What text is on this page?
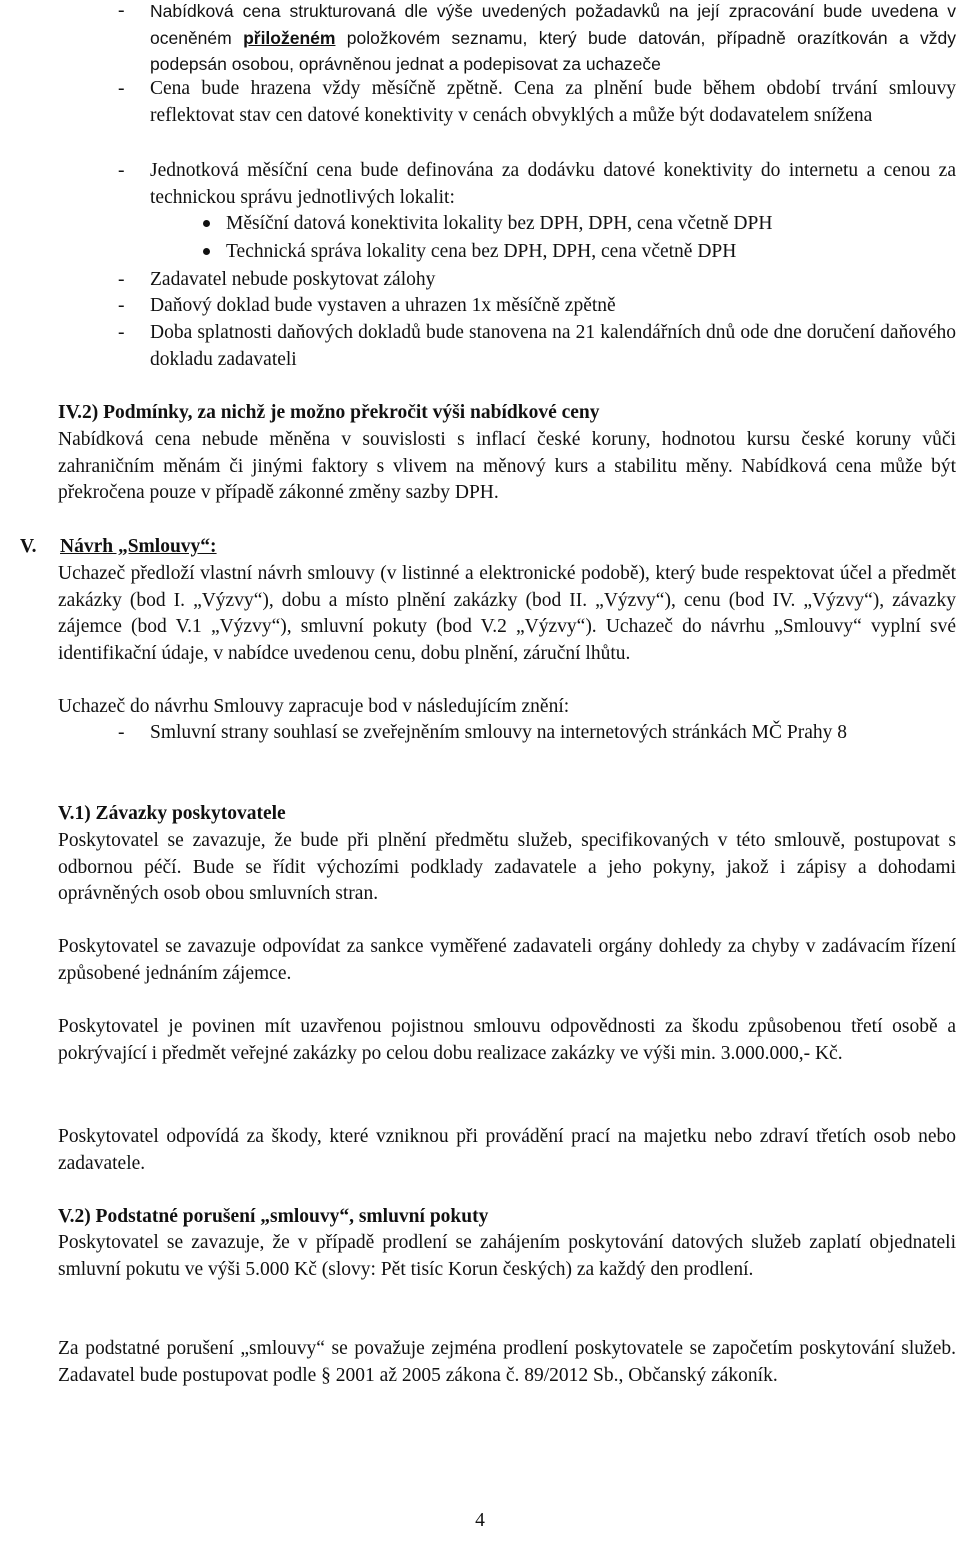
- Nabídková cena strukturovaná dle výše uvedených požadavků na její zpracování bude uvedena v oceněném přiloženém položkovém seznamu, který bude datován, případně orazítkován a vždy podepsán osobou, oprávněnou jednat a podepisovat za uchazeče
- Cena bude hrazena vždy měsíčně zpětně. Cena za plnění bude během období trvání smlouvy reflektovat stav cen datové konektivity v cenách obvyklých a může být dodavatelem snížena
- Jednotková měsíční cena bude definována za dodávku datové konektivity do internetu a cenou za technickou správu jednotlivých lokalit:
Měsíční datová konektivita lokality bez DPH, DPH, cena včetně DPH
Technická správa lokality cena bez DPH, DPH, cena včetně DPH
- Zadavatel nebude poskytovat zálohy
- Daňový doklad bude vystaven a uhrazen 1x měsíčně zpětně
- Doba splatnosti daňových dokladů bude stanovena na 21 kalendářních dnů ode dne doručení daňového dokladu zadavateli
IV.2) Podmínky, za nichž je možno překročit výši nabídkové ceny
Nabídková cena nebude měněna v souvislosti s inflací české koruny, hodnotou kursu české koruny vůči zahraničním měnám či jinými faktory s vlivem na měnový kurs a stabilitu měny. Nabídková cena může být překročena pouze v případě zákonné změny sazby DPH.
V.	Návrh „Smlouvy“:
Uchazeč předloží vlastní návrh smlouvy (v listinné a elektronické podobě), který bude respektovat účel a předmět zakázky (bod I. „Výzvy“), dobu a místo plnění zakázky (bod II. „Výzvy“), cenu (bod IV. „Výzvy“), závazky zájemce (bod V.1 „Výzvy“), smluvní pokuty (bod V.2 „Výzvy“). Uchazeč do návrhu „Smlouvy“ vyplní své identifikační údaje, v nabídce uvedenou cenu, dobu plnění, záruční lhůtu.
Uchazeč do návrhu Smlouvy zapracuje bod v následujícím znění:
- Smluvní strany souhlasí se zveřejněním smlouvy na internetových stránkách MČ Prahy 8
V.1) Závazky poskytovatele
Poskytovatel se zavazuje, že bude při plnění předmětu služeb, specifikovaných v této smlouvě, postupovat s odbornou péčí. Bude se řídit výchozími podklady zadavatele a jeho pokyny, jakož i zápisy a dohodami oprávněných osob obou smluvních stran.
Poskytovatel se zavazuje odpovídat za sankce vyměřené zadavateli orgány dohledy za chyby v zadávacím řízení způsobené jednáním zájemce.
Poskytovatel je povinen mít uzavřenou pojistnou smlouvu odpovědnosti za škodu způsobenou třetí osobě a pokrývající i předmět veřejné zakázky po celou dobu realizace zakázky ve výši min. 3.000.000,- Kč.
Poskytovatel odpovídá za škody, které vzniknou při provádění prací na majetku nebo zdraví třetích osob nebo zadavatele.
V.2) Podstatné porušení „smlouvy“, smluvní pokuty
Poskytovatel se zavazuje, že v případě prodlení se zahájením poskytování datových služeb zaplatí objednateli smluvní pokutu ve výši 5.000 Kč (slovy: Pět tisíc Korun českých) za každý den prodlení.
Za podstatné porušení „smlouvy“ se považuje zejména prodlení poskytovatele se započetím poskytování služeb. Zadavatel bude postupovat podle § 2001 až 2005 zákona č. 89/2012 Sb., Občanský zákoník.
4
